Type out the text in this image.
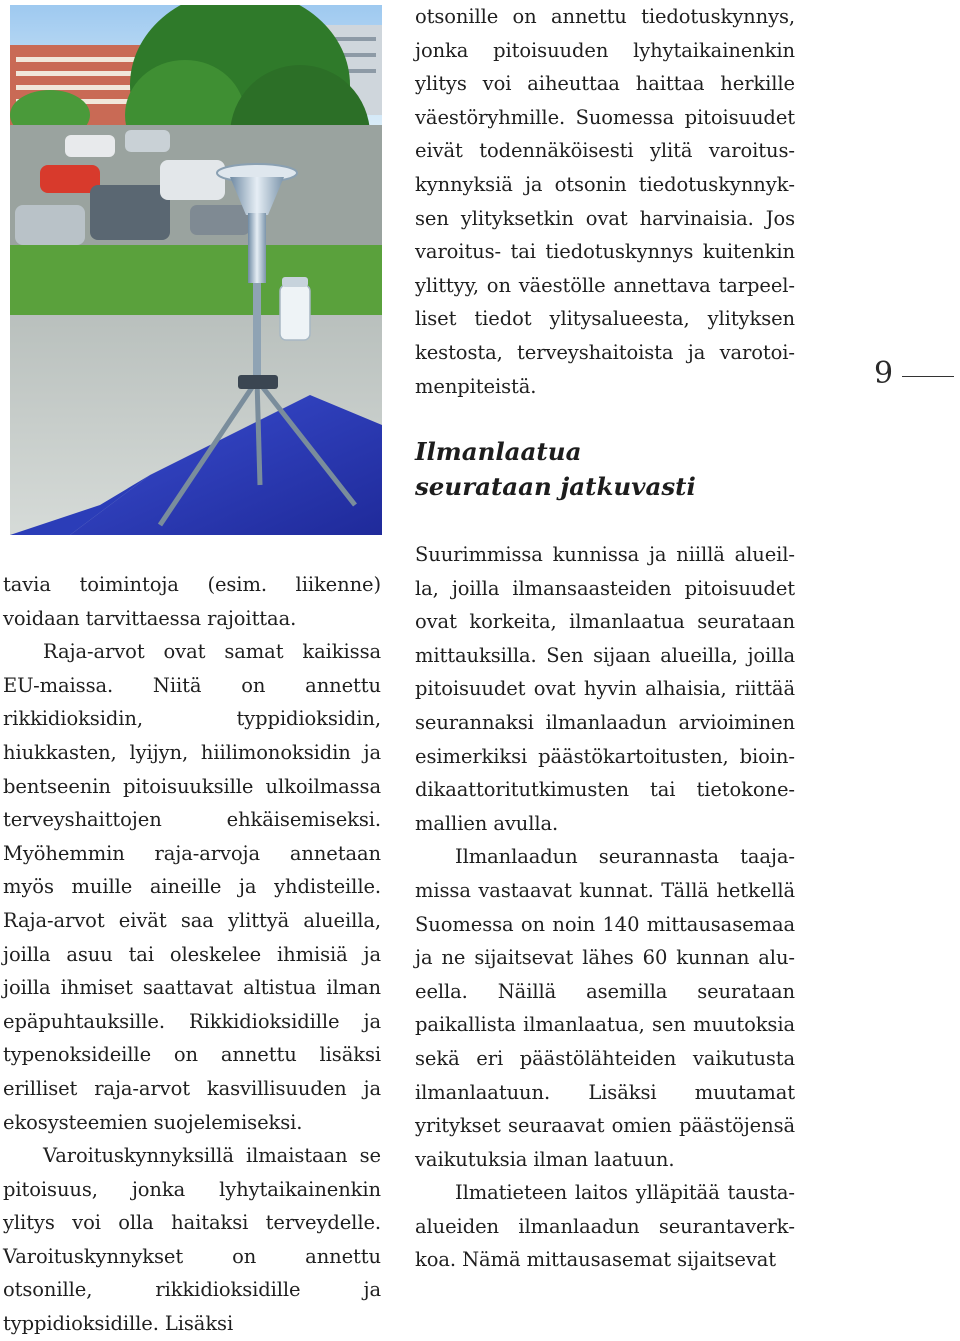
otsonille on annettu tiedotuskynnys, jonka pitoisuuden lyhytaikainenkin ylitys voi aiheuttaa haittaa herkille väestöryhmille. Suomessa pitoisuudet eivät todennäköisesti ylitä varoituskynnyksiä ja otsonin tiedotuskynnyksen ylityksetkin ovat harvinaisia. Jos varoitus- tai tiedotuskynnys kuitenkin ylittyy, on väestölle annettava tarpeelliset tiedot ylitysalueesta, ylityksen kestosta, terveyshaitoista ja varotoimenpiteistä.	9
Ilmanlaatua
seurataan jatkuvasti

tavia toimintoja (esim. liikenne) voidaan tarvittaessa rajoittaa.

Raja-arvot ovat samat kaikissa EU-maissa. Niitä on annettu rikkidioksidin, typpidioksidin, hiukkasten, lyijyn, hiilimonoksidin ja bentseenin pitoisuuksille ulkoilmassa terveyshaittojen ehkäisemiseksi. Myöhemmin raja-arvoja annetaan myös muille aineille ja yhdisteille. Raja-arvot eivät saa ylittyä alueilla, joilla asuu tai oleskelee ihmisiä ja joilla ihmiset saattavat altistua ilman epäpuhtauksille. Rikkidioksidille ja typenoksideille on annettu lisäksi erilliset raja-arvot kasvillisuuden ja ekosysteemien suojelemiseksi.

Varoituskynnyksillä ilmaistaan se pitoisuus, jonka lyhytaikainenkin ylitys voi olla haitaksi terveydelle. Varoituskynnykset on annettu otsonille, rikkidioksidille ja typpidioksidille. Lisäksi

Suurimmissa kunnissa ja niillä alueilla, joilla ilmansaasteiden pitoisuudet ovat korkeita, ilmanlaatua seurataan mittauksilla. Sen sijaan alueilla, joilla pitoisuudet ovat hyvin alhaisia, riittää seurannaksi ilmanlaadun arvioiminen esimerkiksi päästökartoitusten, bioindikaattoritutkimusten tai tietokonemallien avulla.

Ilmanlaadun seurannasta taajamissa vastaavat kunnat. Tällä hetkellä Suomessa on noin 140 mittausasemaa ja ne sijaitsevat lähes 60 kunnan alueella. Näillä asemilla seurataan paikallista ilmanlaatua, sen muutoksia sekä eri päästölähteiden vaikutusta ilmanlaatuun. Lisäksi muutamat yritykset seuraavat omien päästöjensä vaikutuksia ilman laatuun.

Ilmatieteen laitos ylläpitää taustaalueiden ilmanlaadun seurantaverkkoa. Nämä mittausasemat sijaitsevat
